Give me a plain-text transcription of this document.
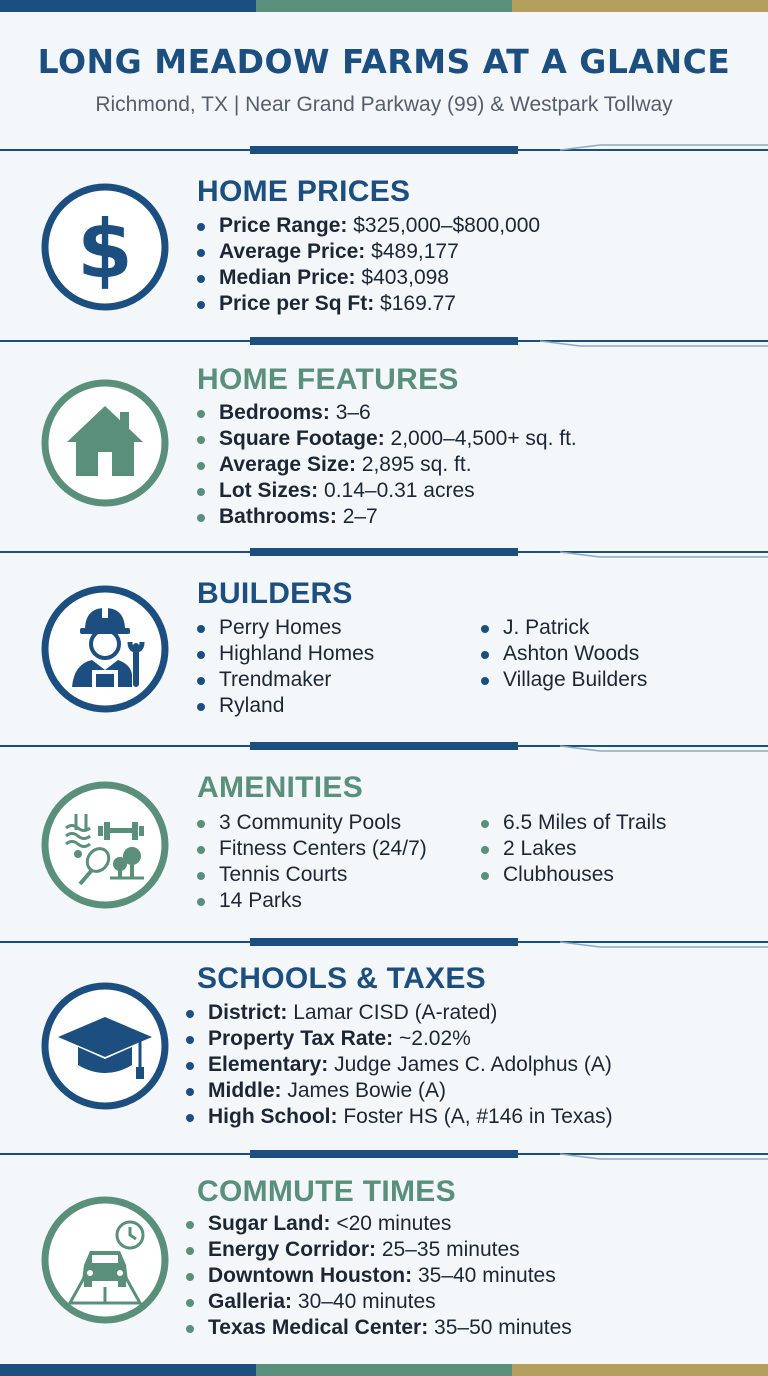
LONG MEADOW FARMS AT A GLANCE
Richmond, TX | Near Grand Parkway (99) & Westpark Tollway
$
HOME PRICES
Price Range: $325,000–$800,000
Average Price: $489,177
Median Price: $403,098
Price per Sq Ft: $169.77
HOME FEATURES
Bedrooms: 3–6
Square Footage: 2,000–4,500+ sq. ft.
Average Size: 2,895 sq. ft.
Lot Sizes: 0.14–0.31 acres
Bathrooms: 2–7
BUILDERS
Perry Homes
Highland Homes
Trendmaker
Ryland
J. Patrick
Ashton Woods
Village Builders
AMENITIES
3 Community Pools
Fitness Centers (24/7)
Tennis Courts
14 Parks
6.5 Miles of Trails
2 Lakes
Clubhouses
SCHOOLS & TAXES
District: Lamar CISD (A-rated)
Property Tax Rate: ~2.02%
Elementary: Judge James C. Adolphus (A)
Middle: James Bowie (A)
High School: Foster HS (A, #146 in Texas)
COMMUTE TIMES
Sugar Land: <20 minutes
Energy Corridor: 25–35 minutes
Downtown Houston: 35–40 minutes
Galleria: 30–40 minutes
Texas Medical Center: 35–50 minutes
